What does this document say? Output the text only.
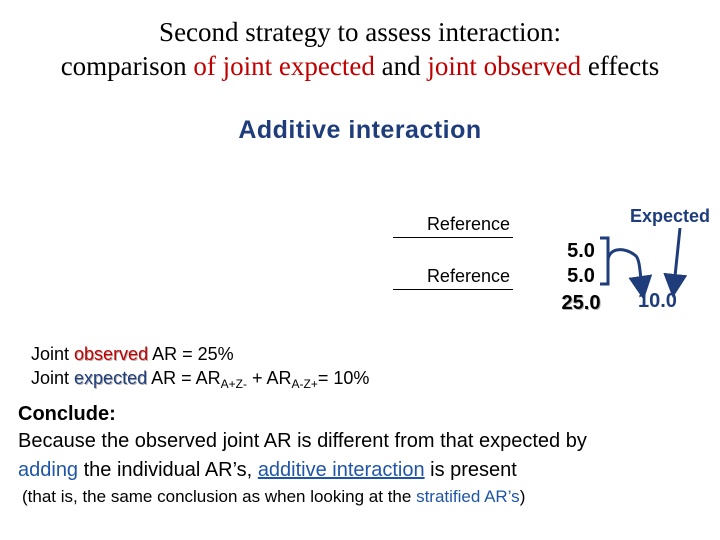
Second strategy to assess interaction:
comparison of joint expected and joint observed effects
Additive interaction
Reference
Reference
5.0
5.0
25.0
Expected
10.0
Joint observed AR = 25%
Joint expected AR = $AR_{A+Z-} + AR_{A-Z+}= 10\%$
Conclude:
Because the observed joint AR is different from that expected by
adding the individual AR’s, additive interaction is present
(that is, the same conclusion as when looking at the stratified AR’s)
